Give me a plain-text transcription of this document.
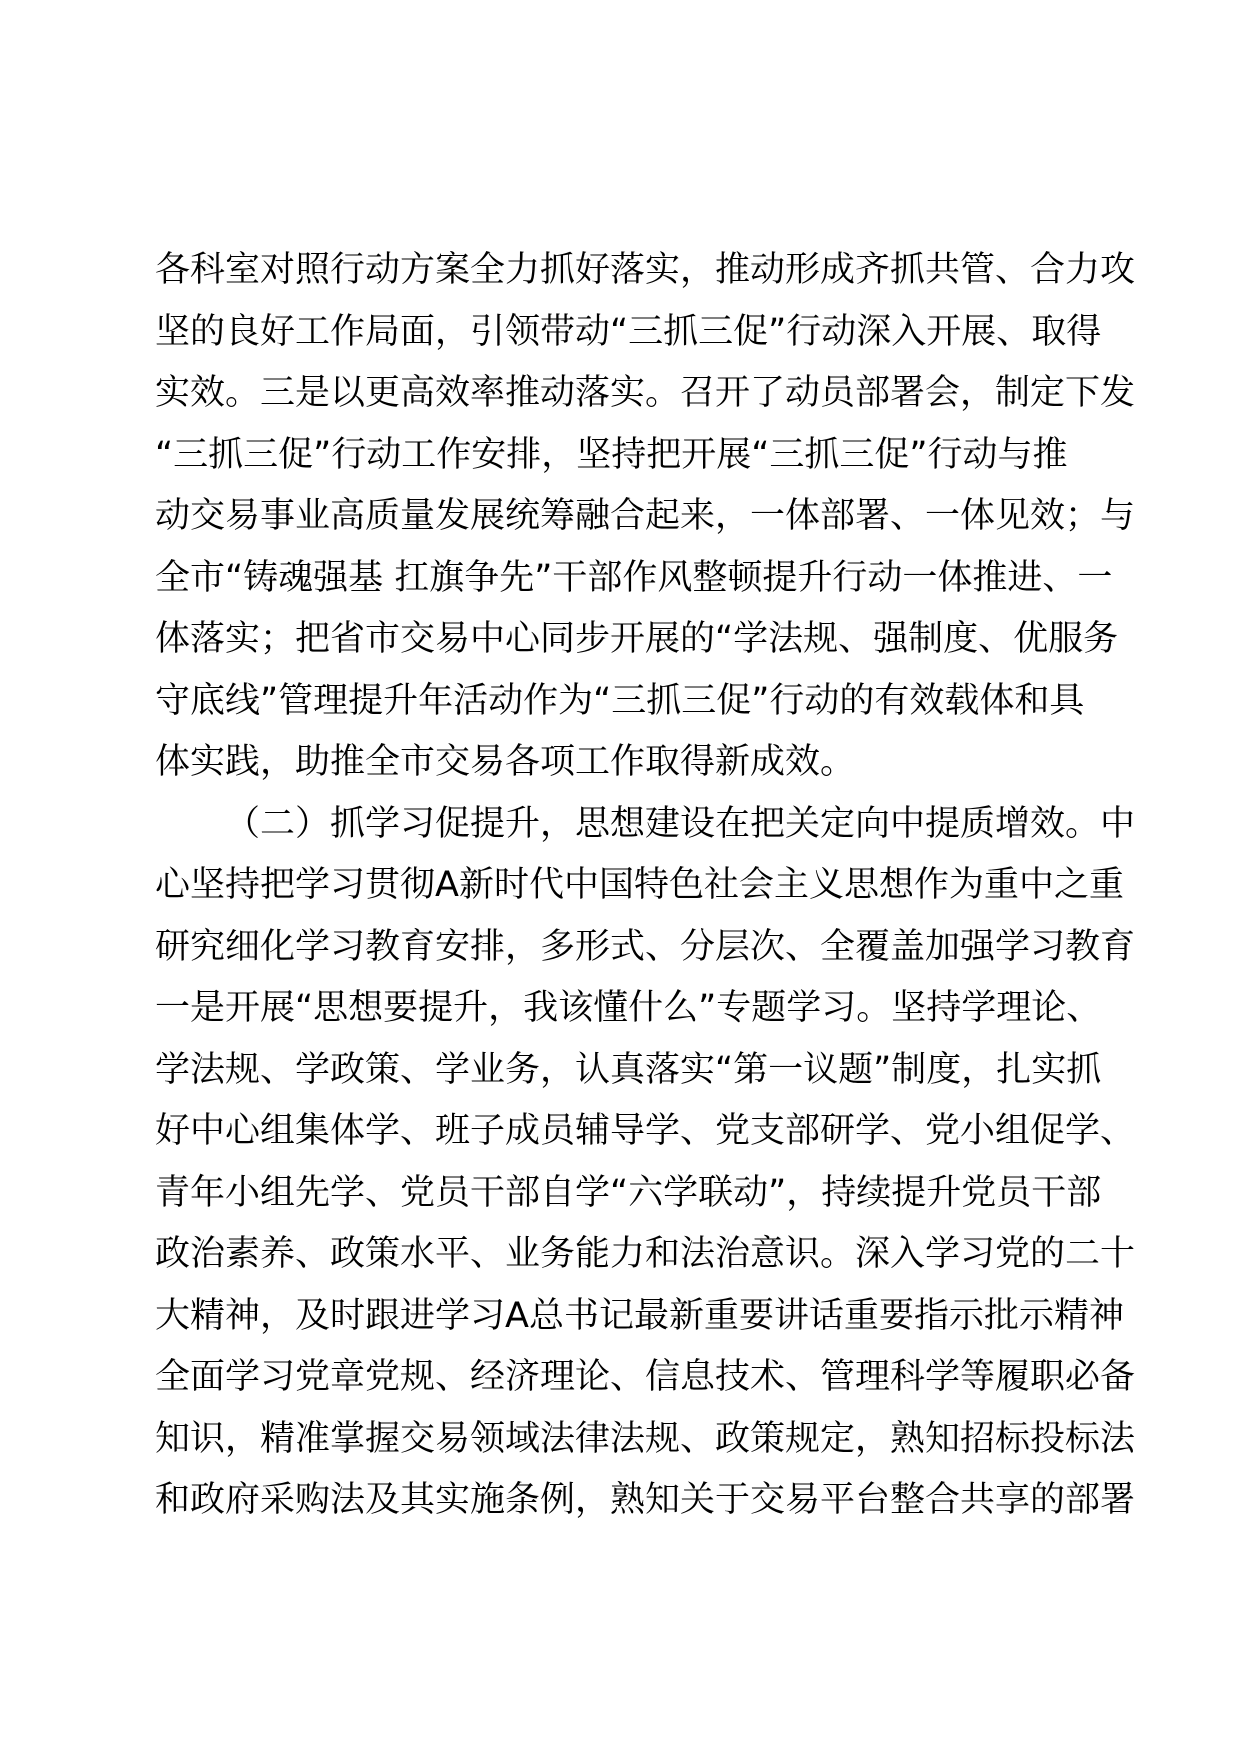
各科室对照行动方案全力抓好落实，推动形成齐抓共管、合力攻
坚的良好工作局面，引领带动“三抓三促”行动深入开展、取得
实效。三是以更高效率推动落实。召开了动员部署会，制定下发
“三抓三促”行动工作安排，坚持把开展“三抓三促”行动与推
动交易事业高质量发展统筹融合起来，一体部署、一体见效；与
全市“铸魂强基 扛旗争先”干部作风整顿提升行动一体推进、一
体落实；把省市交易中心同步开展的“学法规、强制度、优服务
守底线”管理提升年活动作为“三抓三促”行动的有效载体和具
体实践，助推全市交易各项工作取得新成效。
（二）抓学习促提升，思想建设在把关定向中提质增效。中
心坚持把学习贯彻A新时代中国特色社会主义思想作为重中之重
研究细化学习教育安排，多形式、分层次、全覆盖加强学习教育
一是开展“思想要提升，我该懂什么”专题学习。坚持学理论、
学法规、学政策、学业务，认真落实“第一议题”制度，扎实抓
好中心组集体学、班子成员辅导学、党支部研学、党小组促学、
青年小组先学、党员干部自学“六学联动”，持续提升党员干部
政治素养、政策水平、业务能力和法治意识。深入学习党的二十
大精神，及时跟进学习A总书记最新重要讲话重要指示批示精神
全面学习党章党规、经济理论、信息技术、管理科学等履职必备
知识，精准掌握交易领域法律法规、政策规定，熟知招标投标法
和政府采购法及其实施条例，熟知关于交易平台整合共享的部署
